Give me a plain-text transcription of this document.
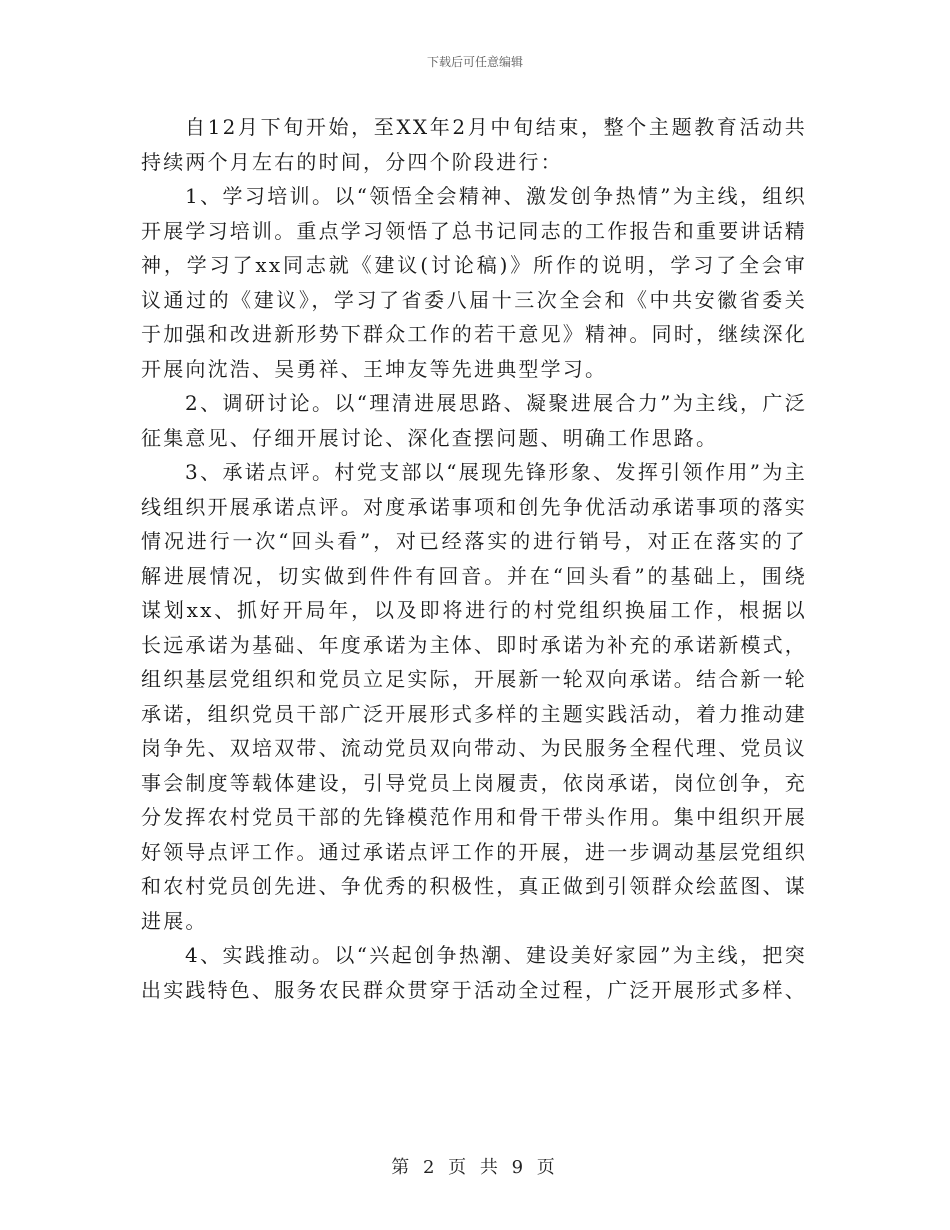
下载后可任意编辑

自12月下旬开始，至XX年2月中旬结束，整个主题教育活动共持续两个月左右的时间，分四个阶段进行：

1、学习培训。以“领悟全会精神、激发创争热情”为主线，组织开展学习培训。重点学习领悟了总书记同志的工作报告和重要讲话精神，学习了xx同志就《建议(讨论稿)》所作的说明，学习了全会审议通过的《建议》，学习了省委八届十三次全会和《中共安徽省委关于加强和改进新形势下群众工作的若干意见》精神。同时，继续深化开展向沈浩、吴勇祥、王坤友等先进典型学习。

2、调研讨论。以“理清进展思路、凝聚进展合力”为主线，广泛征集意见、仔细开展讨论、深化查摆问题、明确工作思路。

3、承诺点评。村党支部以“展现先锋形象、发挥引领作用”为主线组织开展承诺点评。对度承诺事项和创先争优活动承诺事项的落实情况进行一次“回头看”，对已经落实的进行销号，对正在落实的了解进展情况，切实做到件件有回音。并在“回头看”的基础上，围绕谋划xx、抓好开局年，以及即将进行的村党组织换届工作，根据以长远承诺为基础、年度承诺为主体、即时承诺为补充的承诺新模式，组织基层党组织和党员立足实际，开展新一轮双向承诺。结合新一轮承诺，组织党员干部广泛开展形式多样的主题实践活动，着力推动建岗争先、双培双带、流动党员双向带动、为民服务全程代理、党员议事会制度等载体建设，引导党员上岗履责，依岗承诺，岗位创争，充分发挥农村党员干部的先锋模范作用和骨干带头作用。集中组织开展好领导点评工作。通过承诺点评工作的开展，进一步调动基层党组织和农村党员创先进、争优秀的积极性，真正做到引领群众绘蓝图、谋进展。

4、实践推动。以“兴起创争热潮、建设美好家园”为主线，把突出实践特色、服务农民群众贯穿于活动全过程，广泛开展形式多样、

第 2 页 共 9 页
